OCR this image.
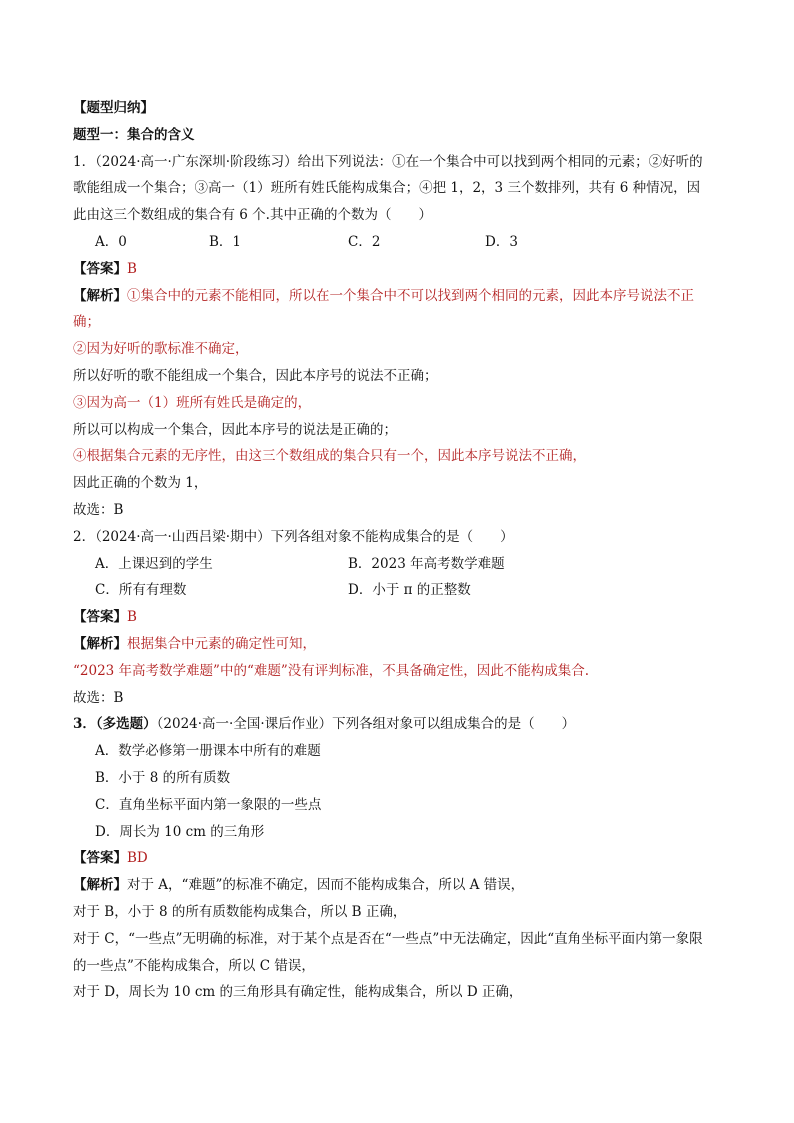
【题型归纳】
题型一：集合的含义
1．（2024·高一·广东深圳·阶段练习）给出下列说法：①在一个集合中可以找到两个相同的元素；②好听的
歌能组成一个集合；③高一（1）班所有姓氏能构成集合；④把 1，2，3 三个数排列，共有 6 种情况，因
此由这三个数组成的集合有 6 个.其中正确的个数为（　　）
A．0	B．1	C．2	D．3
【答案】B
【解析】①集合中的元素不能相同，所以在一个集合中不可以找到两个相同的元素，因此本序号说法不正
确；
②因为好听的歌标准不确定，
所以好听的歌不能组成一个集合，因此本序号的说法不正确；
③因为高一（1）班所有姓氏是确定的，
所以可以构成一个集合，因此本序号的说法是正确的；
④根据集合元素的无序性，由这三个数组成的集合只有一个，因此本序号说法不正确，
因此正确的个数为 1，
故选：B
2．（2024·高一·山西吕梁·期中）下列各组对象不能构成集合的是（　　）
A．上课迟到的学生	B．2023 年高考数学难题
C．所有有理数	D．小于 π 的正整数
【答案】B
【解析】根据集合中元素的确定性可知，
“2023 年高考数学难题”中的“难题”没有评判标准，不具备确定性，因此不能构成集合.
故选：B
3．（多选题）（2024·高一·全国·课后作业）下列各组对象可以组成集合的是（　　）
A．数学必修第一册课本中所有的难题
B．小于 8 的所有质数
C．直角坐标平面内第一象限的一些点
D．周长为 10 cm 的三角形
【答案】BD
【解析】对于 A，“难题”的标准不确定，因而不能构成集合，所以 A 错误，
对于 B，小于 8 的所有质数能构成集合，所以 B 正确，
对于 C，“一些点”无明确的标准，对于某个点是否在“一些点”中无法确定，因此“直角坐标平面内第一象限
的一些点”不能构成集合，所以 C 错误，
对于 D，周长为 10 cm 的三角形具有确定性，能构成集合，所以 D 正确，
